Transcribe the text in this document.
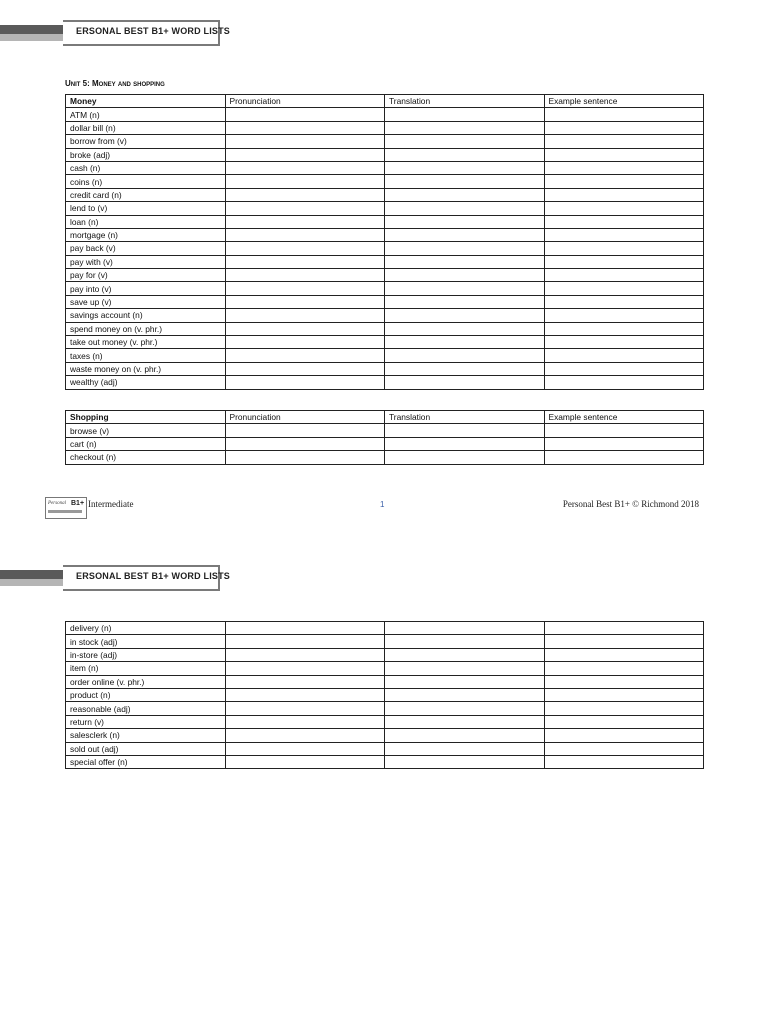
ERSONAL BEST B1+ WORD LISTS
Unit 5: Money and shopping
Money	Pronunciation	Translation	Example sentence
ATM (n)			
dollar bill (n)			
borrow from (v)			
broke (adj)			
cash (n)			
coins (n)			
credit card (n)			
lend to (v)			
loan (n)			
mortgage (n)			
pay back (v)			
pay with (v)			
pay for (v)			
pay into (v)			
save up (v)			
savings account (n)			
spend money on (v. phr.)			
take out money (v. phr.)			
taxes (n)			
waste money on (v. phr.)			
wealthy (adj)			
Shopping	Pronunciation	Translation	Example sentence
browse (v)			
cart (n)			
checkout (n)			
Personal B1+ Intermediate	1	Personal Best B1+ © Richmond 2018
ERSONAL BEST B1+ WORD LISTS
delivery (n)			
in stock (adj)			
in-store (adj)			
item (n)			
order online (v. phr.)			
product (n)			
reasonable (adj)			
return (v)			
salesclerk (n)			
sold out (adj)			
special offer (n)			
